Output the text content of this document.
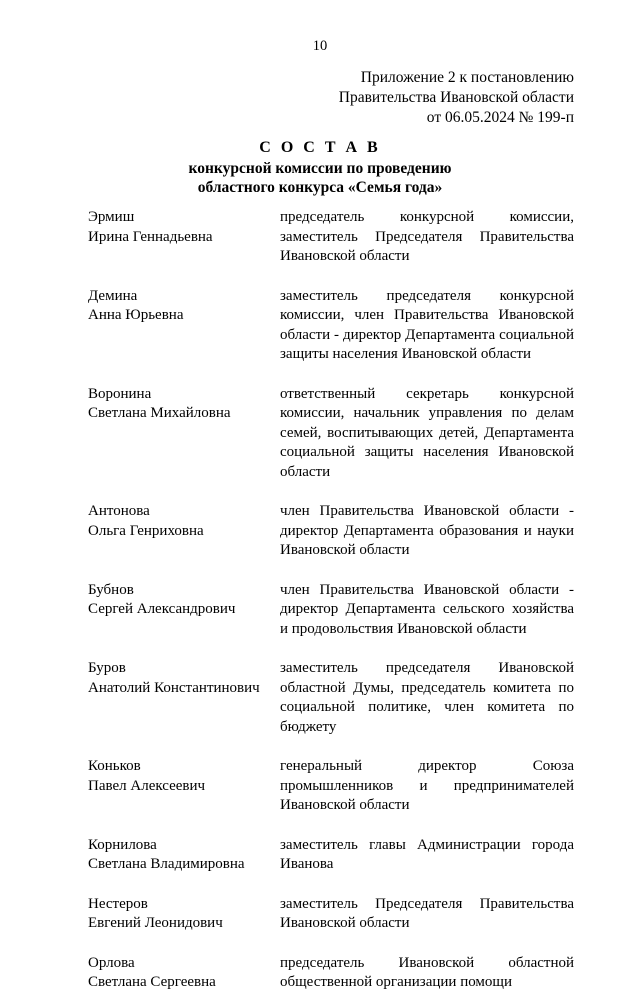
10
Приложение 2 к постановлению
Правительства Ивановской области
от 06.05.2024 № 199-п
С О С Т А В
конкурсной комиссии по проведению
областного конкурса «Семья года»
Эрмиш
Ирина Геннадьевна
председатель конкурсной комиссии, заместитель Председателя Правительства Ивановской области
Демина
Анна Юрьевна
заместитель председателя конкурсной комиссии, член Правительства Ивановской области - директор Департамента социальной защиты населения Ивановской области
Воронина
Светлана Михайловна
ответственный секретарь конкурсной комиссии, начальник управления по делам семей, воспитывающих детей, Департамента социальной защиты населения Ивановской области
Антонова
Ольга Генриховна
член Правительства Ивановской области - директор Департамента образования и науки Ивановской области
Бубнов
Сергей Александрович
член Правительства Ивановской области - директор Департамента сельского хозяйства и продовольствия Ивановской области
Буров
Анатолий Константинович
заместитель председателя Ивановской областной Думы, председатель комитета по социальной политике, член комитета по бюджету
Коньков
Павел Алексеевич
генеральный директор Союза промышленников и предпринимателей Ивановской области
Корнилова
Светлана Владимировна
заместитель главы Администрации города Иванова
Нестеров
Евгений Леонидович
заместитель Председателя Правительства Ивановской области
Орлова
Светлана Сергеевна
председатель Ивановской областной общественной организации помощи
